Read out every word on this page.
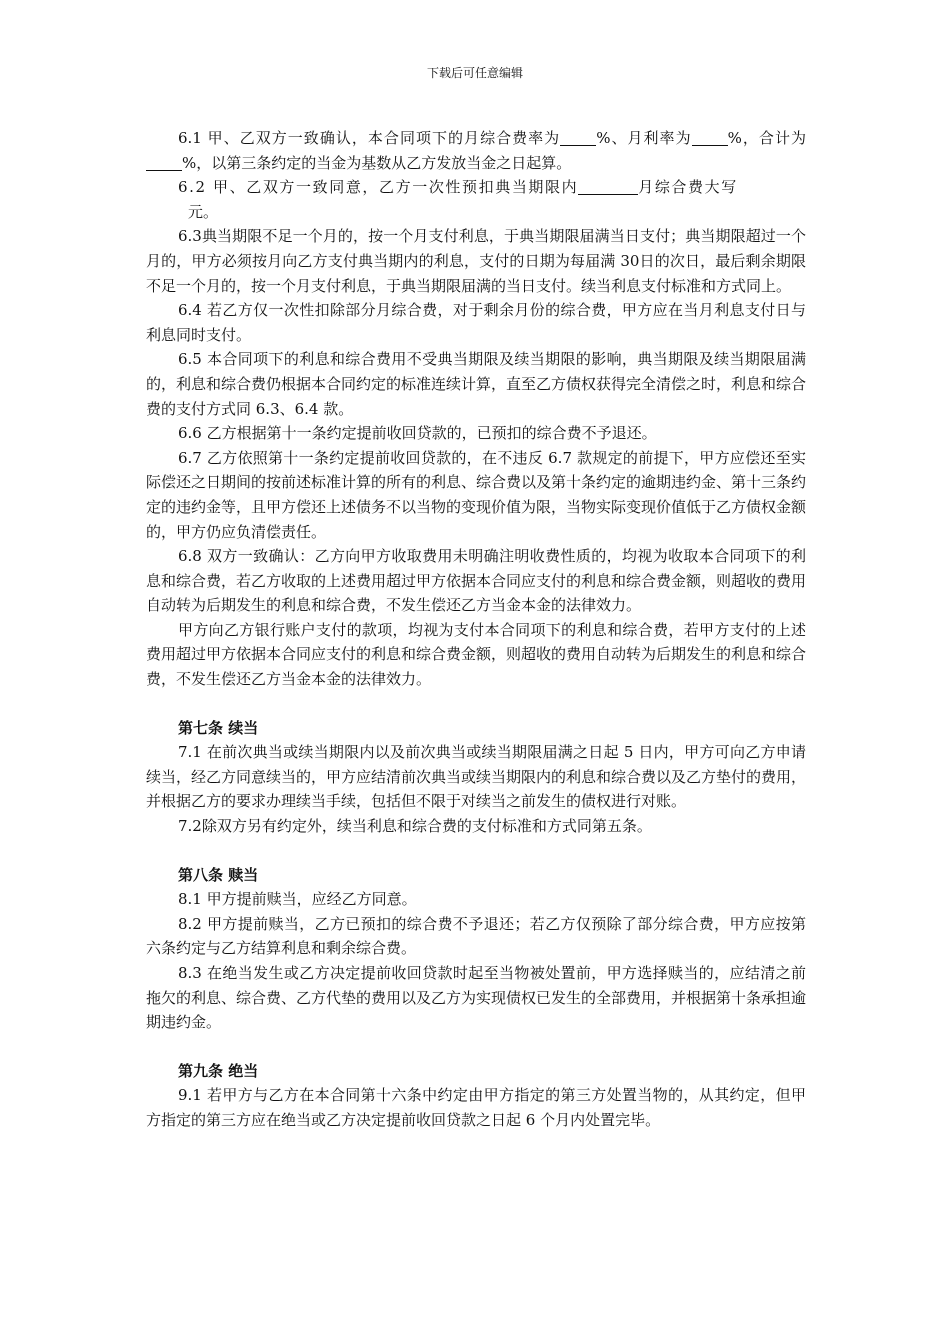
下载后可任意编辑

6.1 甲、乙双方一致确认，本合同项下的月综合费率为 %、月利率为 %，合计为%，以第三条约定的当金为基数从乙方发放当金之日起算。

6.2 甲、乙双方一致同意，乙方一次性预扣典当期限内	月综合费大写

元。

6.3典当期限不足一个月的，按一个月支付利息，于典当期限届满当日支付；典当期限超过一个月的，甲方必须按月向乙方支付典当期内的利息，支付的日期为每届满 30日的次日，最后剩余期限不足一个月的，按一个月支付利息，于典当期限届满的当日支付。续当利息支付标准和方式同上。

6.4 若乙方仅一次性扣除部分月综合费，对于剩余月份的综合费，甲方应在当月利息支付日与利息同时支付。

6.5 本合同项下的利息和综合费用不受典当期限及续当期限的影响，典当期限及续当期限届满的，利息和综合费仍根据本合同约定的标准连续计算，直至乙方债权获得完全清偿之时，利息和综合费的支付方式同 6.3、6.4 款。

6.6 乙方根据第十一条约定提前收回贷款的，已预扣的综合费不予退还。

6.7 乙方依照第十一条约定提前收回贷款的，在不违反 6.7 款规定的前提下，甲方应偿还至实际偿还之日期间的按前述标准计算的所有的利息、综合费以及第十条约定的逾期违约金、第十三条约定的违约金等，且甲方偿还上述债务不以当物的变现价值为限，当物实际变现价值低于乙方债权金额的，甲方仍应负清偿责任。

6.8 双方一致确认：乙方向甲方收取费用未明确注明收费性质的，均视为收取本合同项下的利息和综合费，若乙方收取的上述费用超过甲方依据本合同应支付的利息和综合费金额，则超收的费用自动转为后期发生的利息和综合费，不发生偿还乙方当金本金的法律效力。

甲方向乙方银行账户支付的款项，均视为支付本合同项下的利息和综合费，若甲方支付的上述费用超过甲方依据本合同应支付的利息和综合费金额，则超收的费用自动转为后期发生的利息和综合费，不发生偿还乙方当金本金的法律效力。

第七条 续当

7.1 在前次典当或续当期限内以及前次典当或续当期限届满之日起 5 日内，甲方可向乙方申请续当，经乙方同意续当的，甲方应结清前次典当或续当期限内的利息和综合费以及乙方垫付的费用，并根据乙方的要求办理续当手续，包括但不限于对续当之前发生的债权进行对账。

7.2除双方另有约定外，续当利息和综合费的支付标准和方式同第五条。

第八条 赎当

8.1 甲方提前赎当，应经乙方同意。

8.2 甲方提前赎当，乙方已预扣的综合费不予退还；若乙方仅预除了部分综合费，甲方应按第六条约定与乙方结算利息和剩余综合费。

8.3 在绝当发生或乙方决定提前收回贷款时起至当物被处置前，甲方选择赎当的，应结清之前拖欠的利息、综合费、乙方代垫的费用以及乙方为实现债权已发生的全部费用，并根据第十条承担逾期违约金。

第九条 绝当

9.1 若甲方与乙方在本合同第十六条中约定由甲方指定的第三方处置当物的，从其约定，但甲方指定的第三方应在绝当或乙方决定提前收回贷款之日起 6 个月内处置完毕。
